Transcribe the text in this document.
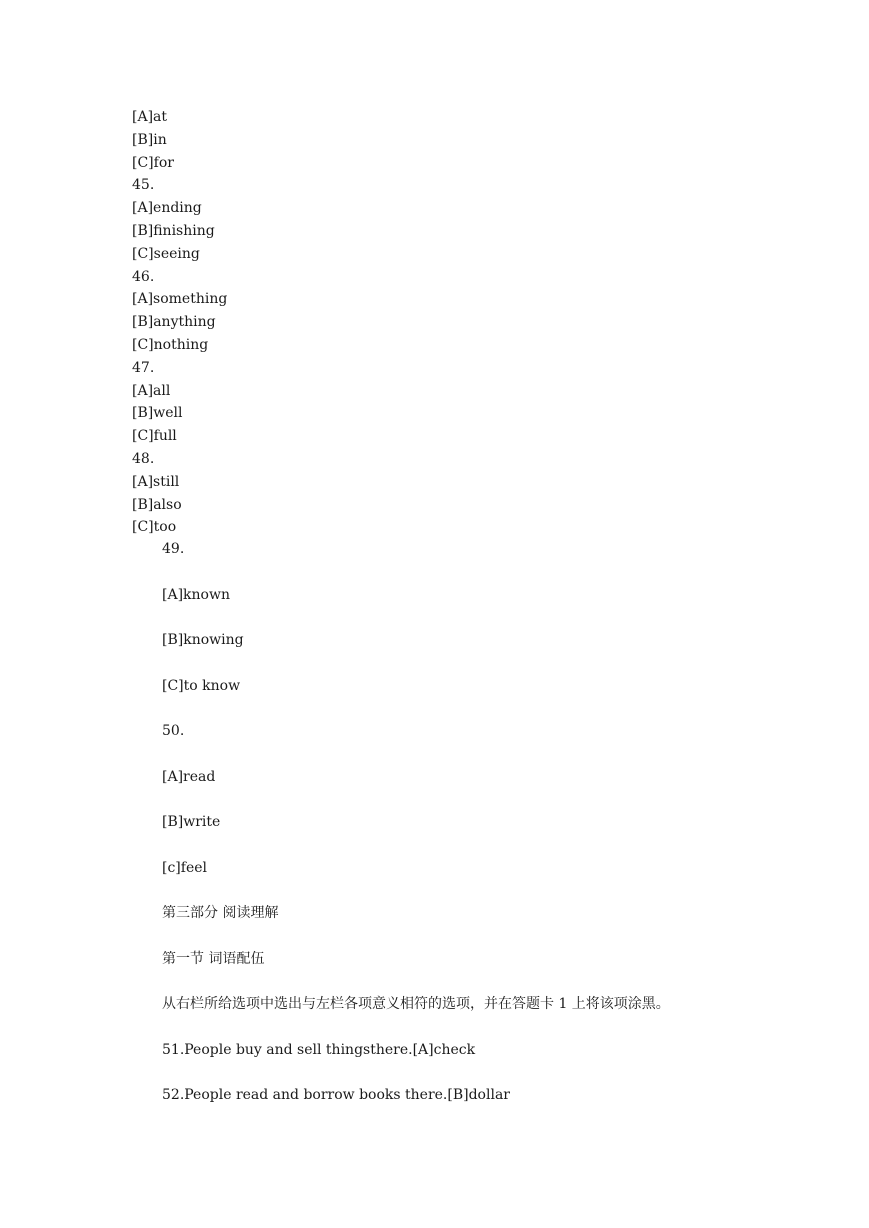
[A]at
[B]in
[C]for
45.
[A]ending
[B]finishing
[C]seeing
46.
[A]something
[B]anything
[C]nothing
47.
[A]all
[B]well
[C]full
48.
[A]still
[B]also
[C]too
49.
[A]known
[B]knowing
[C]to know
50.
[A]read
[B]write
[c]feel
第三部分 阅读理解
第一节 词语配伍
从右栏所给选项中选出与左栏各项意义相符的选项，并在答题卡 1 上将该项涂黑。
51.People buy and sell thingsthere.[A]check
52.People read and borrow books there.[B]dollar
